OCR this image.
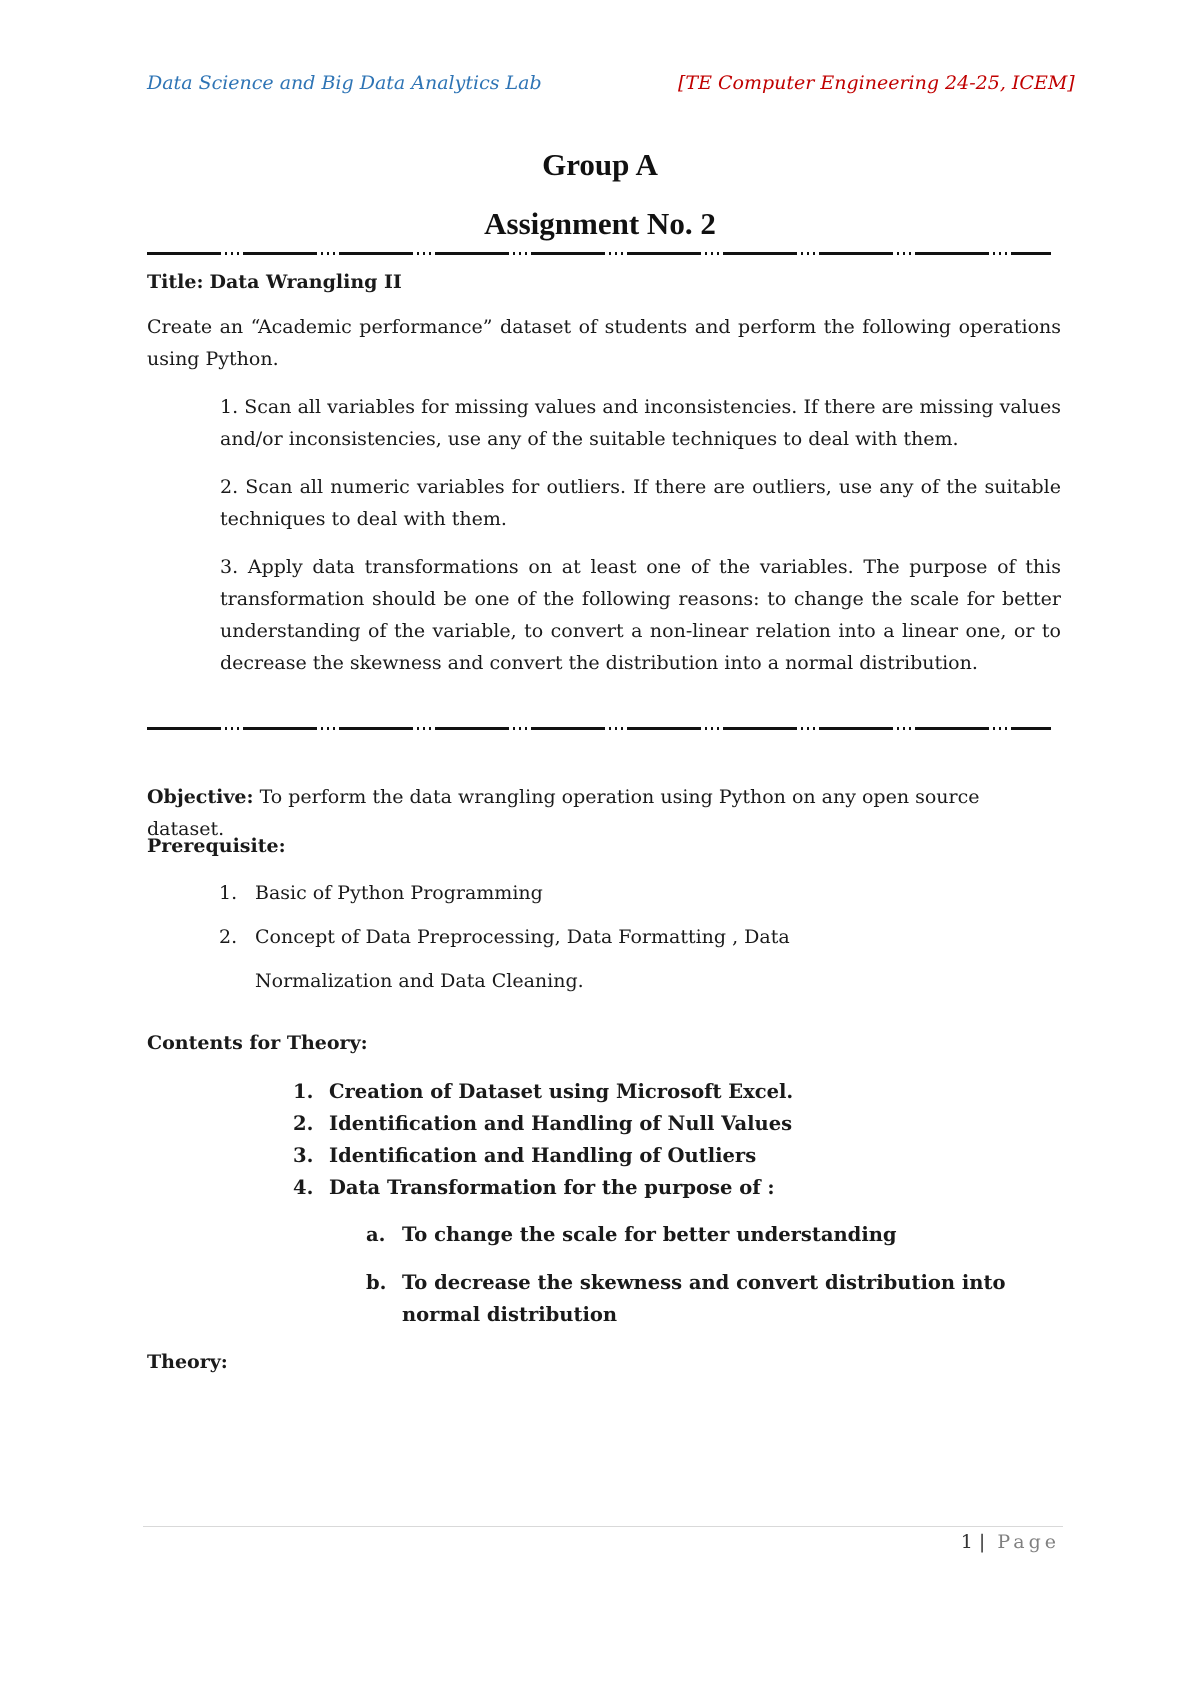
Data Science and Big Data Analytics Lab	[TE Computer Engineering 24-25, ICEM]
Group A
Assignment No. 2
Title: Data Wrangling II
Create an “Academic performance” dataset of students and perform the following operations using Python.
1. Scan all variables for missing values and inconsistencies. If there are missing values and/or inconsistencies, use any of the suitable techniques to deal with them.
2. Scan all numeric variables for outliers. If there are outliers, use any of the suitable techniques to deal with them.
3. Apply data transformations on at least one of the variables. The purpose of this transformation should be one of the following reasons: to change the scale for better understanding of the variable, to convert a non-linear relation into a linear one, or to decrease the skewness and convert the distribution into a normal distribution.
Objective: To perform the data wrangling operation using Python on any open source dataset.
Prerequisite:
1. Basic of Python Programming
2. Concept of Data Preprocessing, Data Formatting , Data
Normalization and Data Cleaning.
Contents for Theory:
1. Creation of Dataset using Microsoft Excel.
2. Identification and Handling of Null Values
3. Identification and Handling of Outliers
4. Data Transformation for the purpose of :
a. To change the scale for better understanding
b. To decrease the skewness and convert distribution into normal distribution
Theory:
1 | Page
